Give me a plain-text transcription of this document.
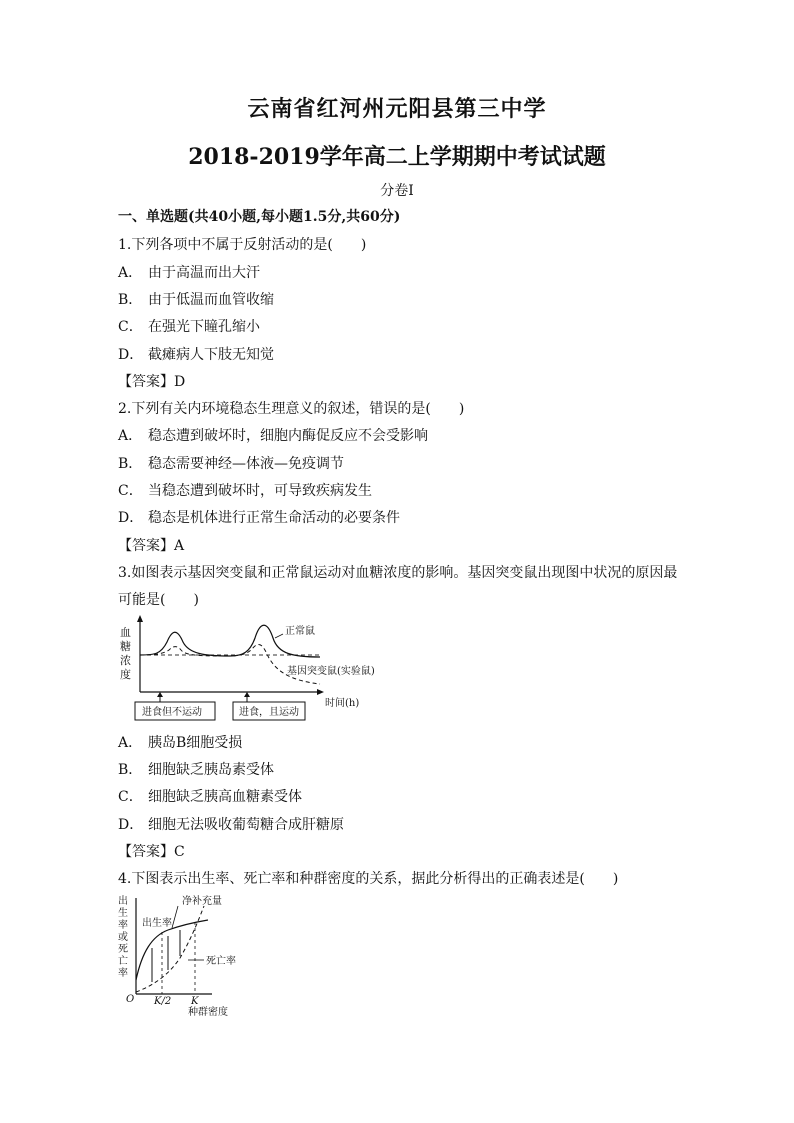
云南省红河州元阳县第三中学
2018-2019学年高二上学期期中考试试题
分卷I
一、单选题(共40小题,每小题1.5分,共60分)
1.下列各项中不属于反射活动的是(　　)
A． 由于高温而出大汗
B． 由于低温而血管收缩
C． 在强光下瞳孔缩小
D． 截瘫病人下肢无知觉
【答案】D
2.下列有关内环境稳态生理意义的叙述，错误的是(　　)
A． 稳态遭到破坏时，细胞内酶促反应不会受影响
B． 稳态需要神经—体液—免疫调节
C． 当稳态遭到破坏时，可导致疾病发生
D． 稳态是机体进行正常生命活动的必要条件
【答案】A
3.如图表示基因突变鼠和正常鼠运动对血糖浓度的影响。基因突变鼠出现图中状况的原因最
可能是(　　)
血
糖
浓
度
正常鼠
基因突变鼠(实验鼠)
时间(h)
进食但不运动	进食，且运动
A． 胰岛B细胞受损
B． 细胞缺乏胰岛素受体
C． 细胞缺乏胰高血糖素受体
D． 细胞无法吸收葡萄糖合成肝糖原
【答案】C
4.下图表示出生率、死亡率和种群密度的关系，据此分析得出的正确表述是(　　)
出
生
率
或
死
亡
率
净补充量
出生率
死亡率
O K/2 K
种群密度
